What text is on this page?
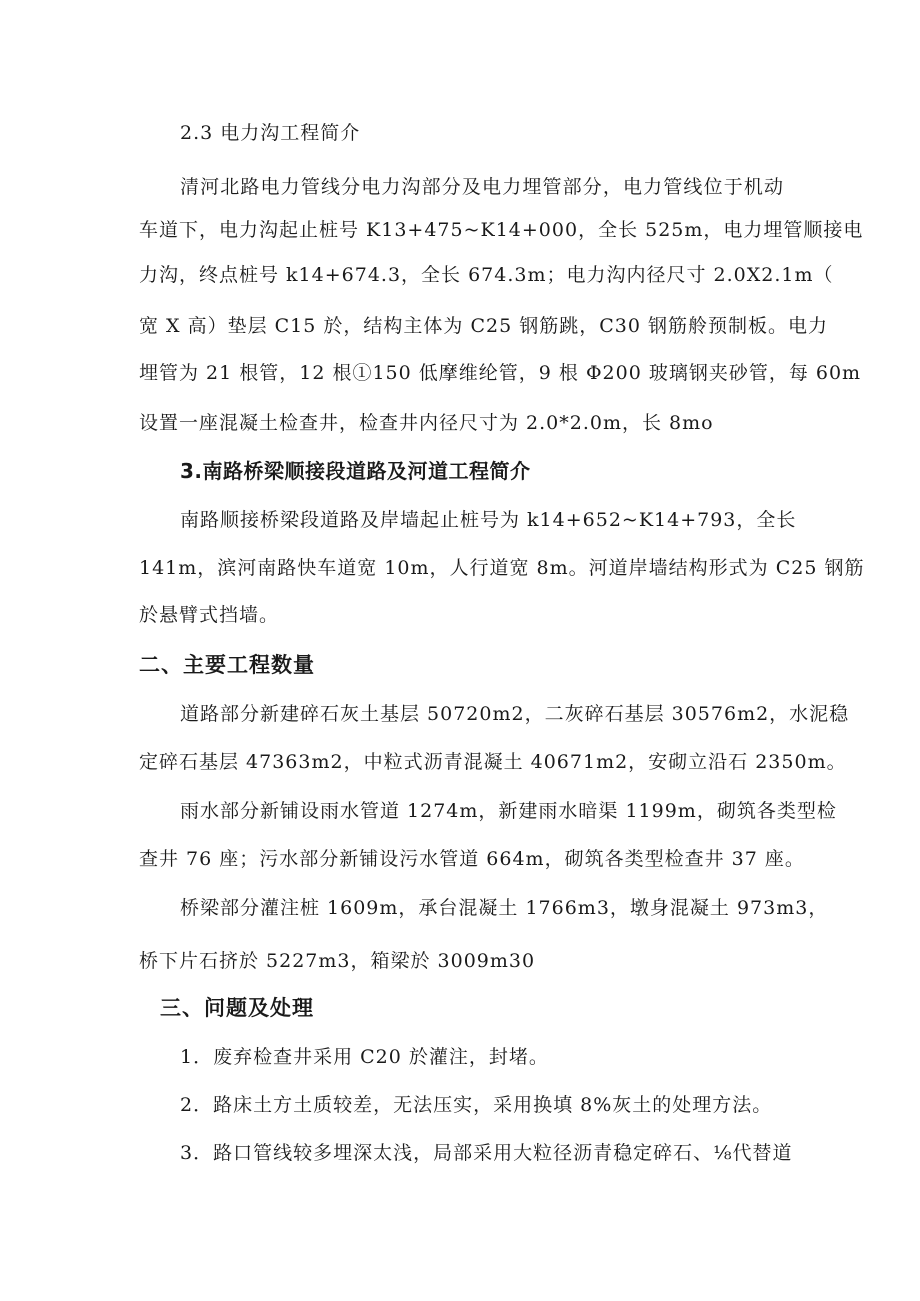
2.3 电力沟工程简介
清河北路电力管线分电力沟部分及电力埋管部分，电力管线位于机动
车道下，电力沟起止桩号 K13+475~K14+000，全长 525m，电力埋管顺接电
力沟，终点桩号 k14+674.3，全长 674.3m；电力沟内径尺寸 2.0X2.1m（
宽 X 高）垫层 C15 於，结构主体为 C25 钢筋跳，C30 钢筋舲预制板。电力
埋管为 21 根管，12 根①150 低摩维纶管，9 根 Φ200 玻璃钢夹砂管，每 60m
设置一座混凝土检查井，检查井内径尺寸为 2.0*2.0m，长 8mo
3.南路桥梁顺接段道路及河道工程简介
南路顺接桥梁段道路及岸墙起止桩号为 k14+652~K14+793，全长
141m，滨河南路快车道宽 10m，人行道宽 8m。河道岸墙结构形式为 C25 钢筋
於悬臂式挡墙。
二、主要工程数量
道路部分新建碎石灰土基层 50720m2，二灰碎石基层 30576m2，水泥稳
定碎石基层 47363m2，中粒式沥青混凝土 40671m2，安砌立沿石 2350m。
雨水部分新铺设雨水管道 1274m，新建雨水暗渠 1199m，砌筑各类型检
查井 76 座；污水部分新铺设污水管道 664m，砌筑各类型检查井 37 座。
桥梁部分灌注桩 1609m，承台混凝土 1766m3，墩身混凝土 973m3，
桥下片石挤於 5227m3，箱梁於 3009m30
三、问题及处理
1．废弃检查井采用 C20 於灌注，封堵。
2．路床土方土质较差，无法压实，采用换填 8%灰土的处理方法。
3．路口管线较多埋深太浅，局部采用大粒径沥青稳定碎石、⅛代替道
